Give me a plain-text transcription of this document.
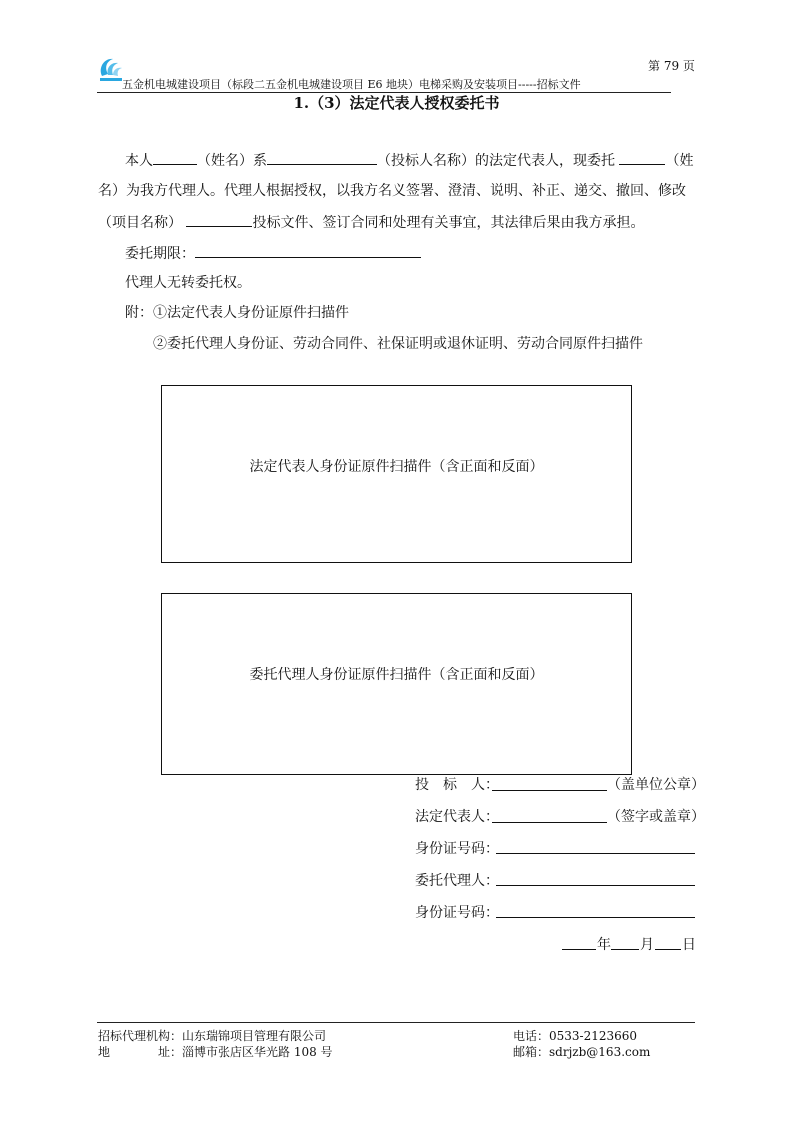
五金机电城建设项目（标段二五金机电城建设项目 E6 地块）电梯采购及安装项目-----招标文件
第 79 页
1.（3）法定代表人授权委托书
本人	（姓名）系	（投标人名称）的法定代表人，现委托	（姓
名）为我方代理人。代理人根据授权，以我方名义签署、澄清、说明、补正、递交、撤回、修改
（项目名称）	投标文件、签订合同和处理有关事宜，其法律后果由我方承担。
委托期限：
代理人无转委托权。
附：①法定代表人身份证原件扫描件
②委托代理人身份证、劳动合同件、社保证明或退休证明、劳动合同原件扫描件
法定代表人身份证原件扫描件（含正面和反面）
委托代理人身份证原件扫描件（含正面和反面）
投　标　人：	（盖单位公章）
法定代表人：	（签字或盖章）
身份证号码：
委托代理人：
身份证号码：
年 月 日
招标代理机构：山东瑞锦项目管理有限公司
地	址：淄博市张店区华光路 108 号
电话：0533-2123660
邮箱：sdrjzb@163.com
